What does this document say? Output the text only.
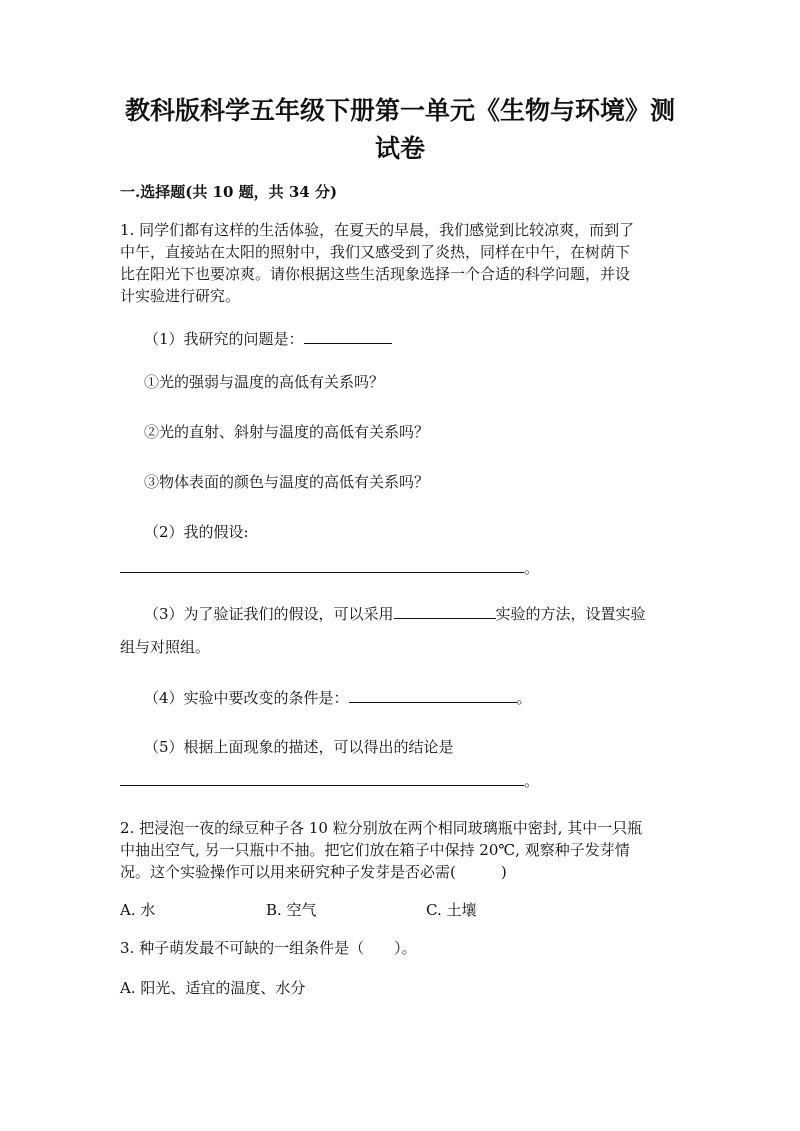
教科版科学五年级下册第一单元《生物与环境》测
试卷
一.选择题(共 10 题，共 34 分)
1. 同学们都有这样的生活体验，在夏天的早晨，我们感觉到比较凉爽，而到了
中午，直接站在太阳的照射中，我们又感受到了炎热，同样在中午，在树荫下
比在阳光下也要凉爽。请你根据这些生活现象选择一个合适的科学问题，并设
计实验进行研究。
（1）我研究的问题是：
①光的强弱与温度的高低有关系吗？
②光的直射、斜射与温度的高低有关系吗？
③物体表面的颜色与温度的高低有关系吗？
（2）我的假设:
。
（3）为了验证我们的假设，可以采用	实验的方法，设置实验
组与对照组。
（4）实验中要改变的条件是：	。
（5）根据上面现象的描述，可以得出的结论是
。
2. 把浸泡一夜的绿豆种子各 10 粒分别放在两个相同玻璃瓶中密封, 其中一只瓶
中抽出空气, 另一只瓶中不抽。把它们放在箱子中保持 20℃, 观察种子发芽情
况。这个实验操作可以用来研究种子发芽是否必需(　　　)
A. 水	B. 空气	C. 土壤
3. 种子萌发最不可缺的一组条件是（　　）。
A. 阳光、适宜的温度、水分
